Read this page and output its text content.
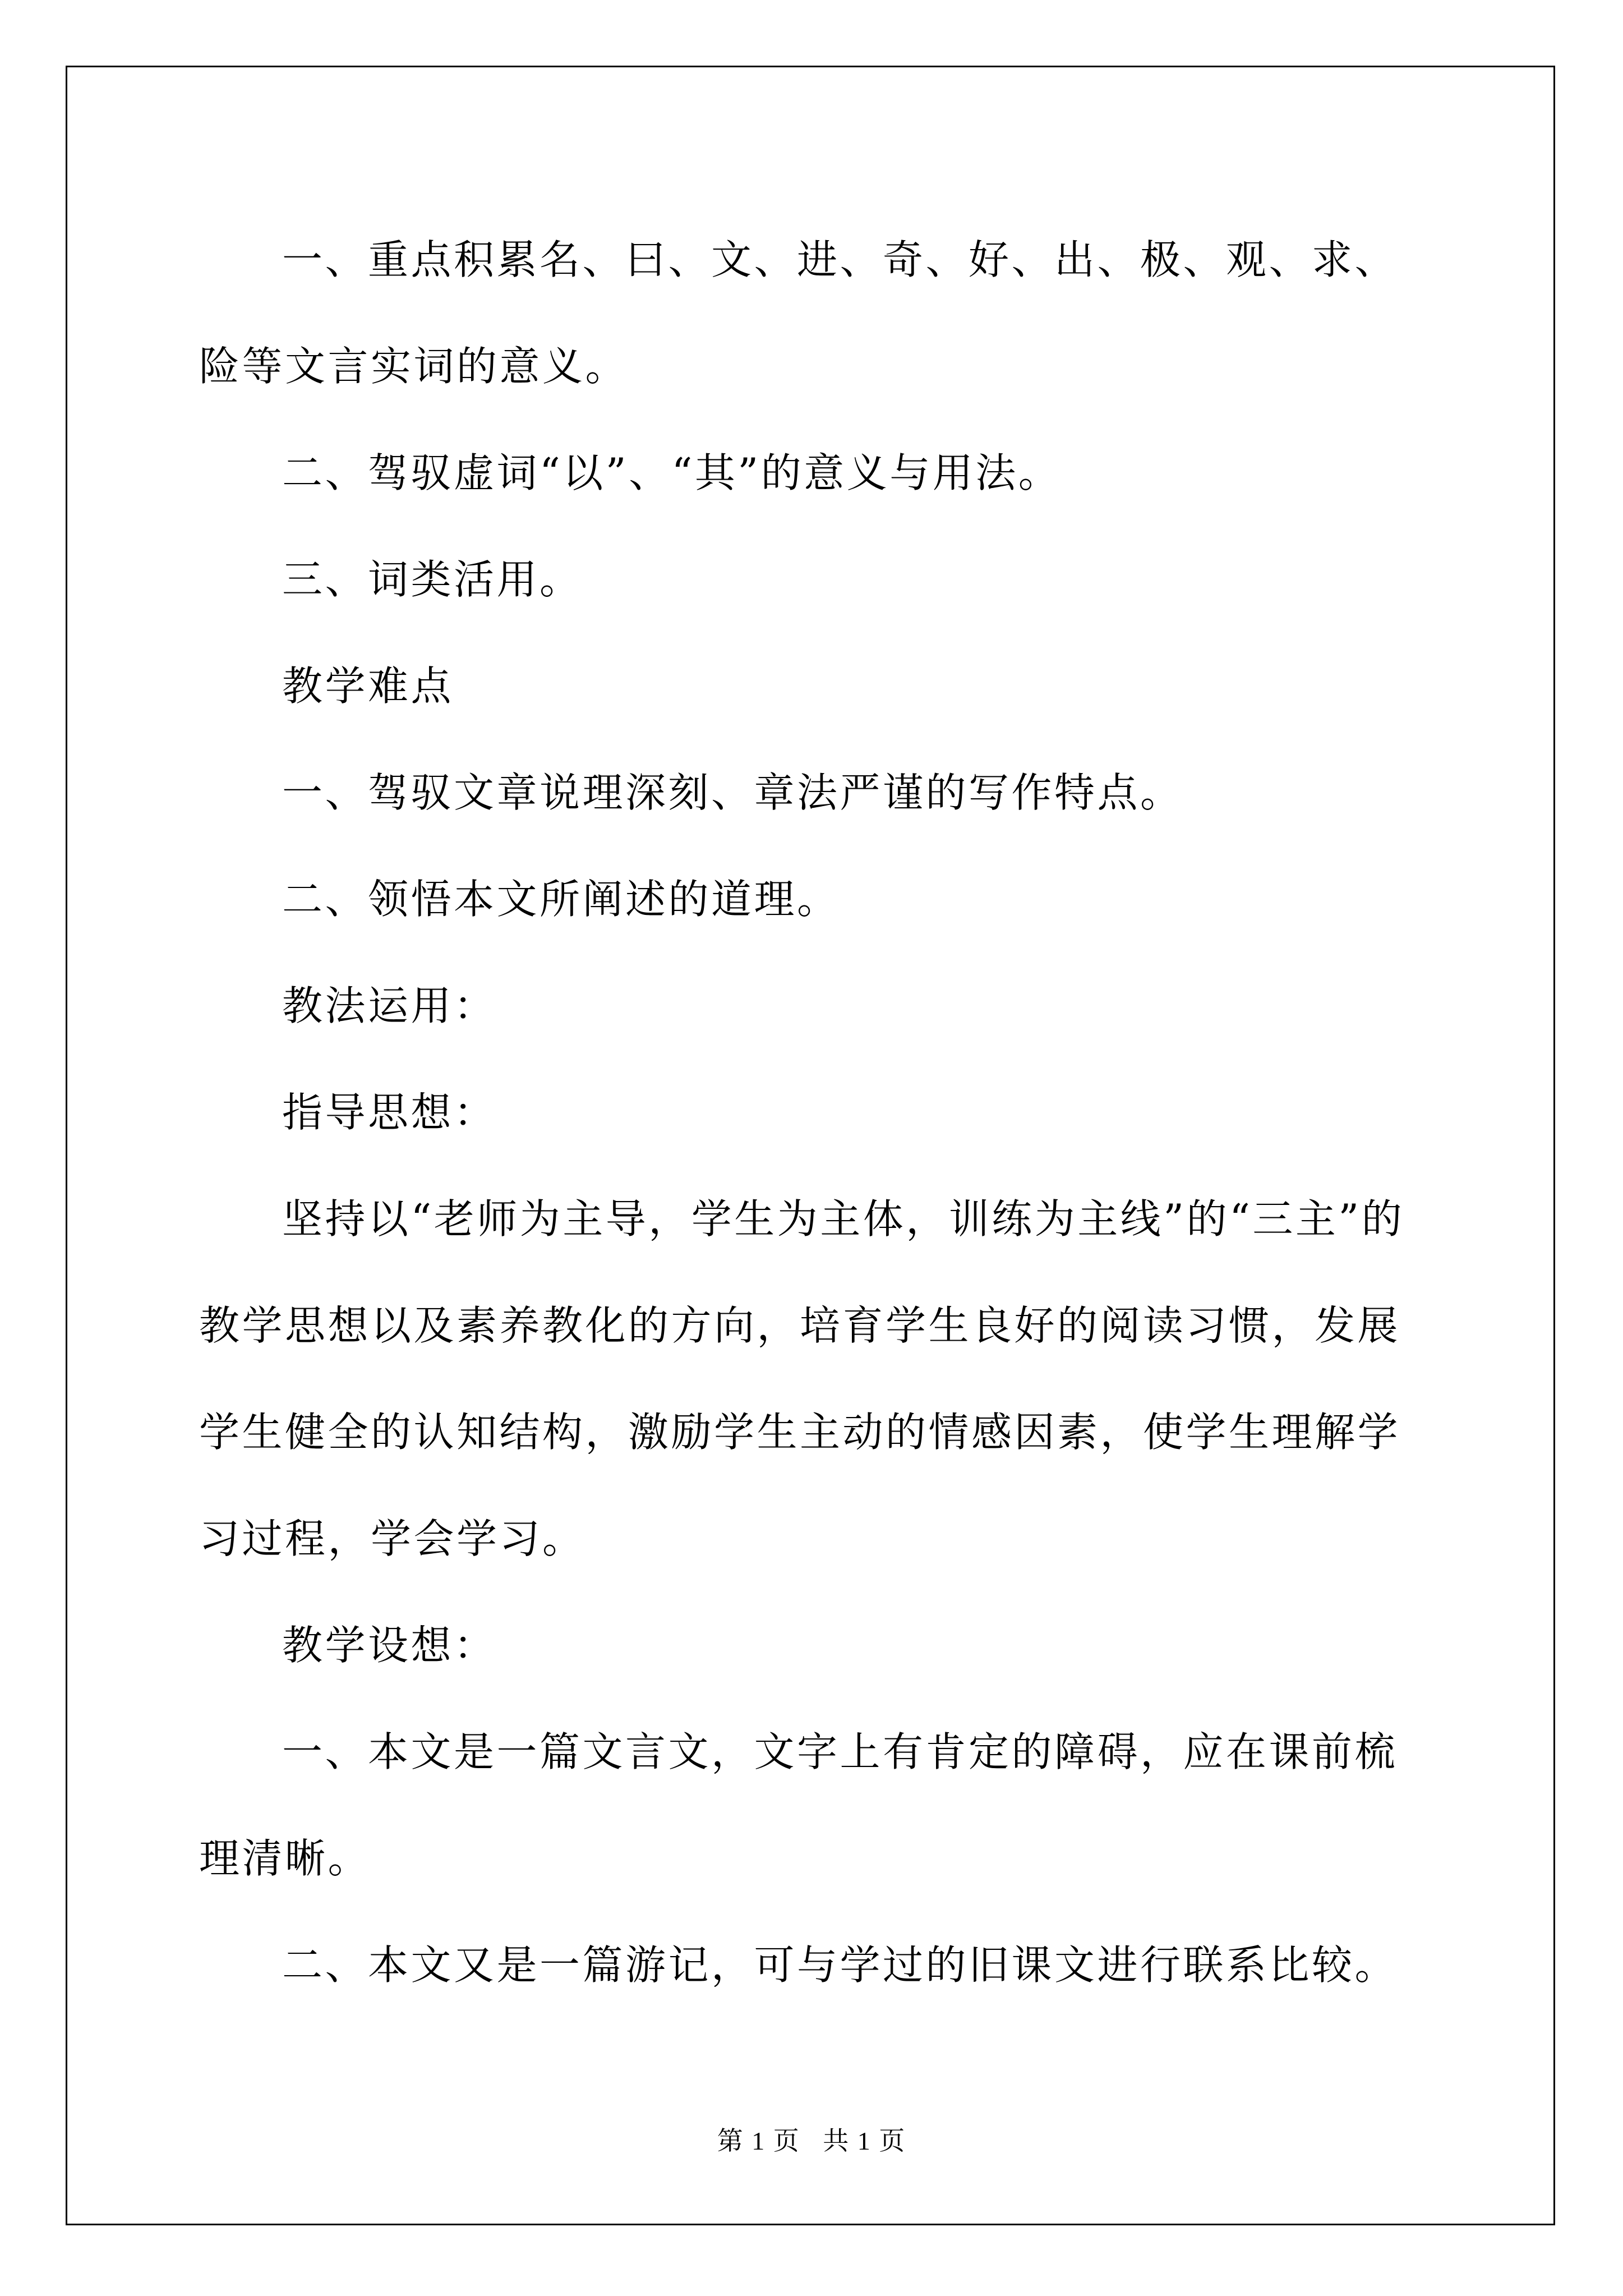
一、重点积累名、曰、文、进、奇、好、出、极、观、求、险等文言实词的意义。

二、驾驭虚词“以”、“其”的意义与用法。

三、词类活用。

教学难点

一、驾驭文章说理深刻、章法严谨的写作特点。

二、领悟本文所阐述的道理。

教法运用：

指导思想：

坚持以“老师为主导，学生为主体，训练为主线”的“三主”的教学思想以及素养教化的方向，培育学生良好的阅读习惯，发展学生健全的认知结构，激励学生主动的情感因素，使学生理解学习过程，学会学习。

教学设想：

一、本文是一篇文言文，文字上有肯定的障碍，应在课前梳理清晰。

二、本文又是一篇游记，可与学过的旧课文进行联系比较。

第 1 页 共 1 页
